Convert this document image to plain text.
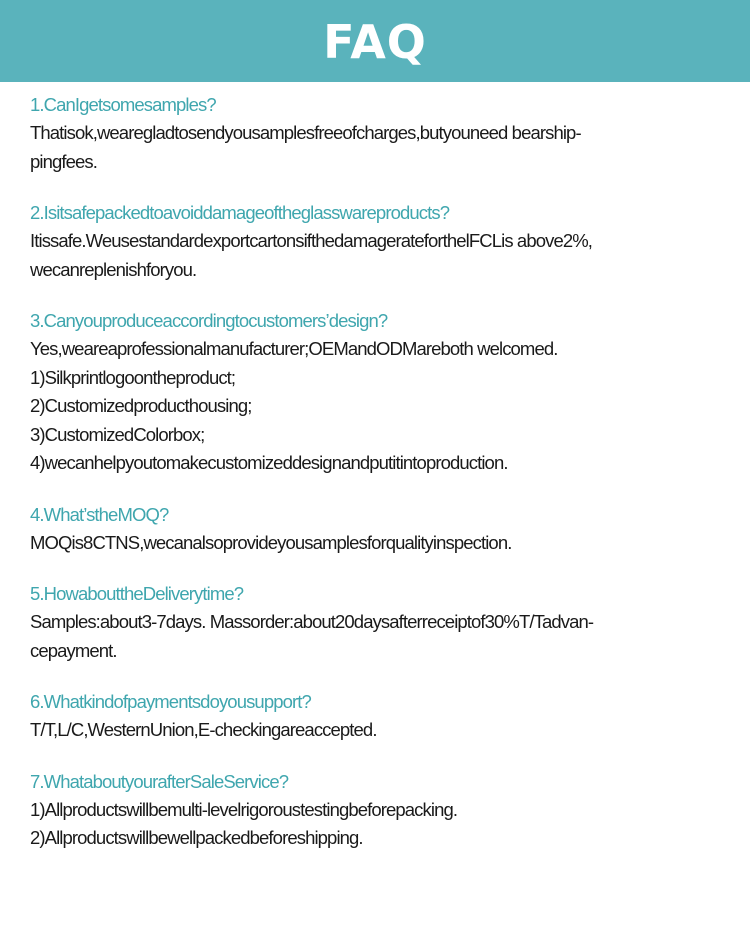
FAQ
1.CanIgetsomesamples?
Thatisok,wearegladtosendyousamplesfreeofcharges,butyouneed bearship-
pingfees.
2.Isitsafepackedtoavoiddamageoftheglasswareproducts?
Itissafe.WeusestandardexportcartonsifthedamagerateforthelFCLis above2%,
wecanreplenishforyou.
3.Canyouproduceaccordingtocustomers’design?
Yes,weareaprofessionalmanufacturer;OEMandODMareboth welcomed.
1)Silkprintlogoontheproduct;
2)Customizedproducthousing;
3)CustomizedColorbox;
4)wecanhelpyoutomakecustomizeddesignandputitintoproduction.
4.What’stheMOQ?
MOQis8CTNS,wecanalsoprovideyousamplesforqualityinspection.
5.HowabouttheDeliverytime?
Samples:about3-7days. Massorder:about20daysafterreceiptof30%T/Tadvan-
cepayment.
6.Whatkindofpaymentsdoyousupport?
T/T,L/C,WesternUnion,E-checkingareaccepted.
7.WhataboutyourafterSaleService?
1)Allproductswillbemulti-levelrigoroustestingbeforepacking.
2)Allproductswillbewellpackedbeforeshipping.
